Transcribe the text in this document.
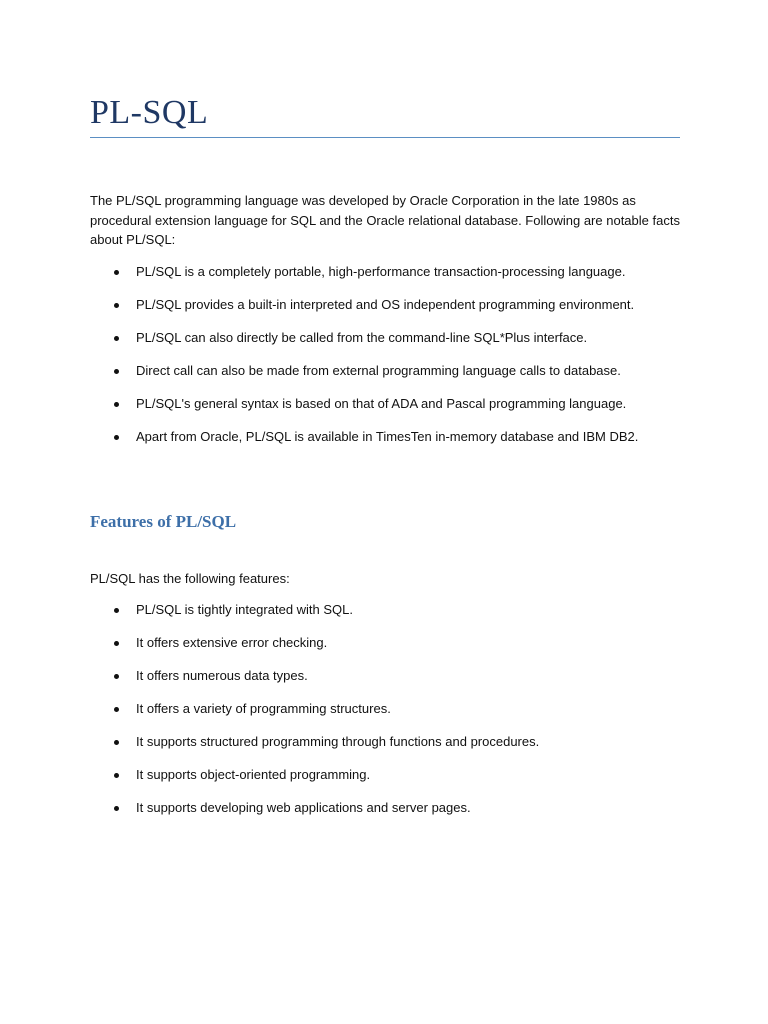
PL-SQL

The PL/SQL programming language was developed by Oracle Corporation in the late 1980s as procedural extension language for SQL and the Oracle relational database. Following are notable facts about PL/SQL:

PL/SQL is a completely portable, high-performance transaction-processing language.
PL/SQL provides a built-in interpreted and OS independent programming environment.
PL/SQL can also directly be called from the command-line SQL*Plus interface.
Direct call can also be made from external programming language calls to database.
PL/SQL's general syntax is based on that of ADA and Pascal programming language.
Apart from Oracle, PL/SQL is available in TimesTen in-memory database and IBM DB2.
Features of PL/SQL

PL/SQL has the following features:

PL/SQL is tightly integrated with SQL.
It offers extensive error checking.
It offers numerous data types.
It offers a variety of programming structures.
It supports structured programming through functions and procedures.
It supports object-oriented programming.
It supports developing web applications and server pages.
